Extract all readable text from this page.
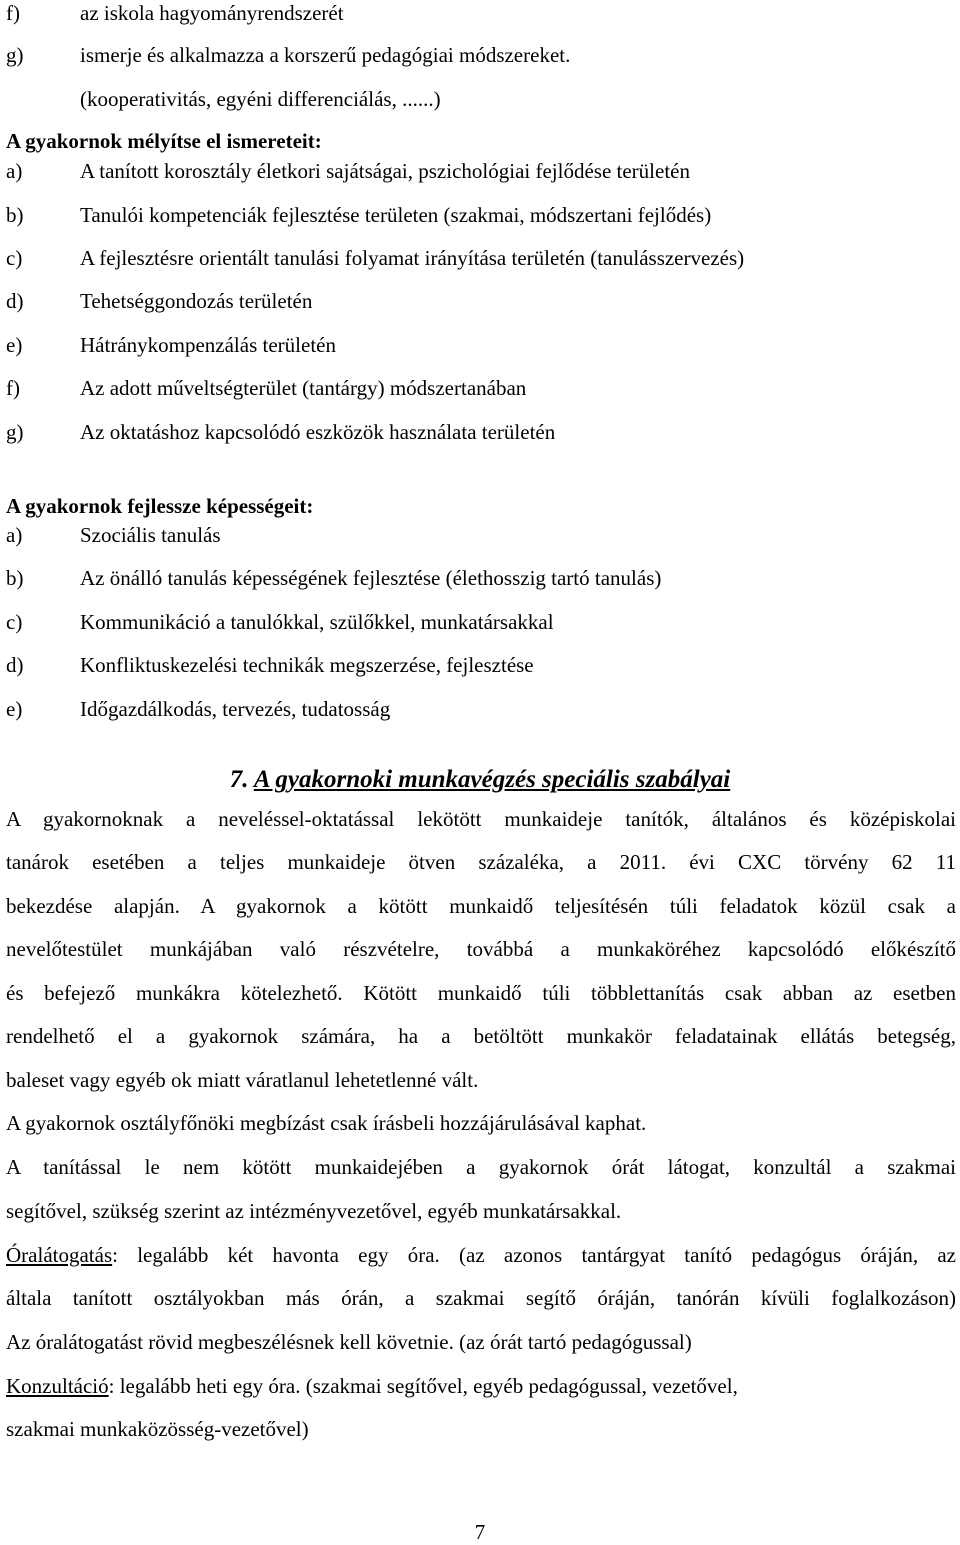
f)	az iskola hagyományrendszerét
g)	ismerje és alkalmazza a korszerű pedagógiai módszereket.
(kooperativitás, egyéni differenciálás, ......)
A gyakornok mélyítse el ismereteit:
a)	A tanított korosztály életkori sajátságai, pszichológiai fejlődése területén
b)	Tanulói kompetenciák fejlesztése területen (szakmai, módszertani fejlődés)
c)	A fejlesztésre orientált tanulási folyamat irányítása területén (tanulásszervezés)
d)	Tehetséggondozás területén
e)	Hátránykompenzálás területén
f)	Az adott műveltségterület (tantárgy) módszertanában
g)	Az oktatáshoz kapcsolódó eszközök használata területén
A gyakornok fejlessze képességeit:
a)	Szociális tanulás
b)	Az önálló tanulás képességének fejlesztése (élethosszig tartó tanulás)
c)	Kommunikáció a tanulókkal, szülőkkel, munkatársakkal
d)	Konfliktuskezelési technikák megszerzése, fejlesztése
e)	Időgazdálkodás, tervezés, tudatosság
7. A gyakornoki munkavégzés speciális szabályai
A gyakornoknak a neveléssel-oktatással lekötött munkaideje tanítók, általános és középiskolai
tanárok esetében a teljes munkaideje ötven százaléka, a 2011. évi CXC törvény 62 11
bekezdése alapján. A gyakornok a kötött munkaidő teljesítésén túli feladatok közül csak a
nevelőtestület munkájában való részvételre, továbbá a munkaköréhez kapcsolódó előkészítő
és befejező munkákra kötelezhető. Kötött munkaidő túli többlettanítás csak abban az esetben
rendelhető el a gyakornok számára, ha a betöltött munkakör feladatainak ellátás betegség,
baleset vagy egyéb ok miatt váratlanul lehetetlenné vált.
A gyakornok osztályfőnöki megbízást csak írásbeli hozzájárulásával kaphat.
A tanítással le nem kötött munkaidejében a gyakornok órát látogat, konzultál a szakmai
segítővel, szükség szerint az intézményvezetővel, egyéb munkatársakkal.
Óralátogatás: legalább két havonta egy óra. (az azonos tantárgyat tanító pedagógus óráján, az
általa tanított osztályokban más órán, a szakmai segítő óráján, tanórán kívüli foglalkozáson)
Az óralátogatást rövid megbeszélésnek kell követnie. (az órát tartó pedagógussal)
Konzultáció: legalább heti egy óra. (szakmai segítővel, egyéb pedagógussal, vezetővel,
szakmai munkaközösség-vezetővel)
7
